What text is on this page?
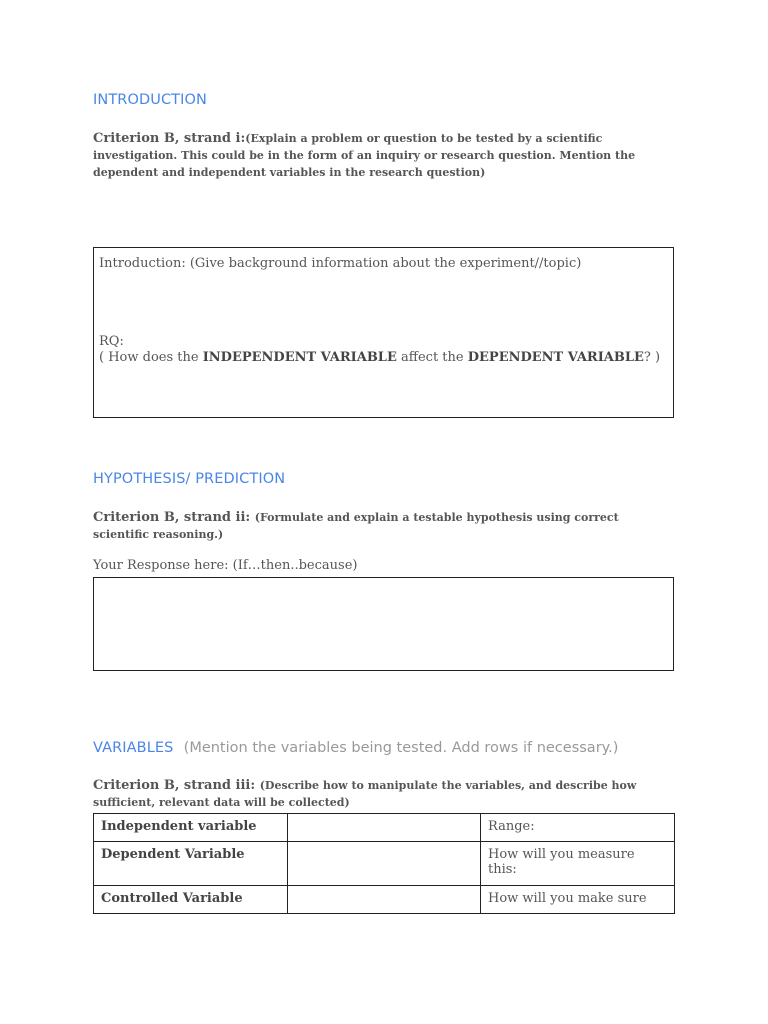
INTRODUCTION
Criterion B, strand i:(Explain a problem or question to be tested by a scientific investigation. This could be in the form of an inquiry or research question. Mention the dependent and independent variables in the research question)
Introduction: (Give background information about the experiment//topic)
RQ:
( How does the INDEPENDENT VARIABLE affect the DEPENDENT VARIABLE? )
HYPOTHESIS/ PREDICTION
Criterion B, strand ii: (Formulate and explain a testable hypothesis using correct scientific reasoning.)
Your Response here: (If…then..because)
VARIABLES (Mention the variables being tested. Add rows if necessary.)
Criterion B, strand iii: (Describe how to manipulate the variables, and describe how sufficient, relevant data will be collected)
Independent variable		Range:
Dependent Variable		How will you measure this:
Controlled Variable		How will you make sure
